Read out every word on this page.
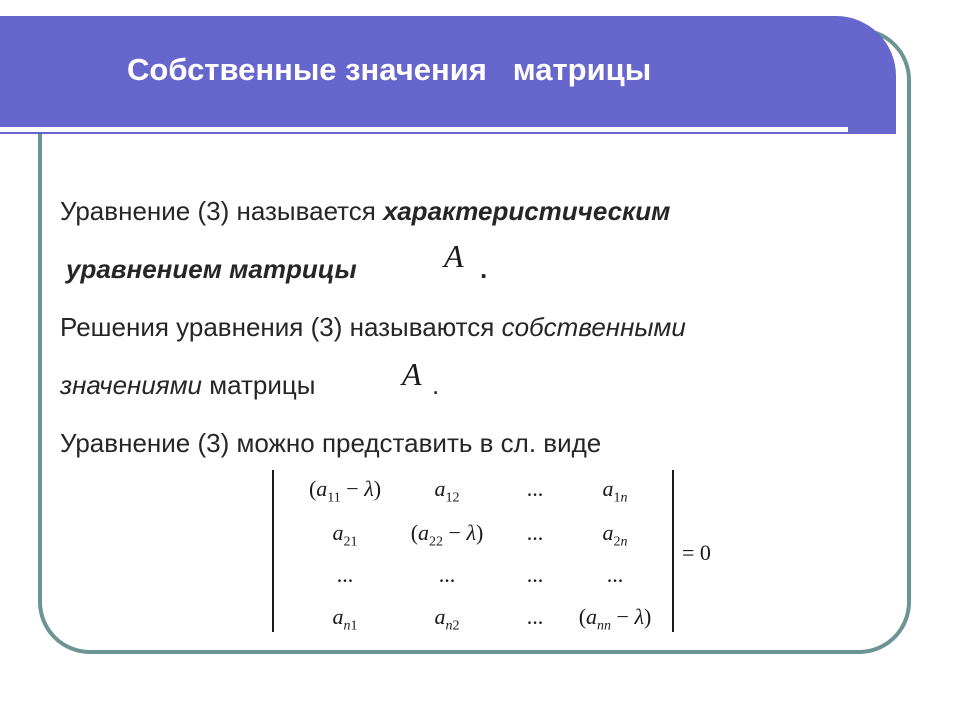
Собственные значения   матрицы
Уравнение (3) называется характеристическим
уравнением матрицы	A .
Решения уравнения (3) называются собственными
значениями матрицы	A .
Уравнение (3) можно представить в сл. виде
$(a_{11} - \lambda)$	$a_{12}$	...	$a_{1n}$
$a_{21}$	$(a_{22} - \lambda)$	...	$a_{2n}$
...	...	...	...
$a_{n1}$	$a_{n2}$	...	$(a_{nn} - \lambda)$
= 0
